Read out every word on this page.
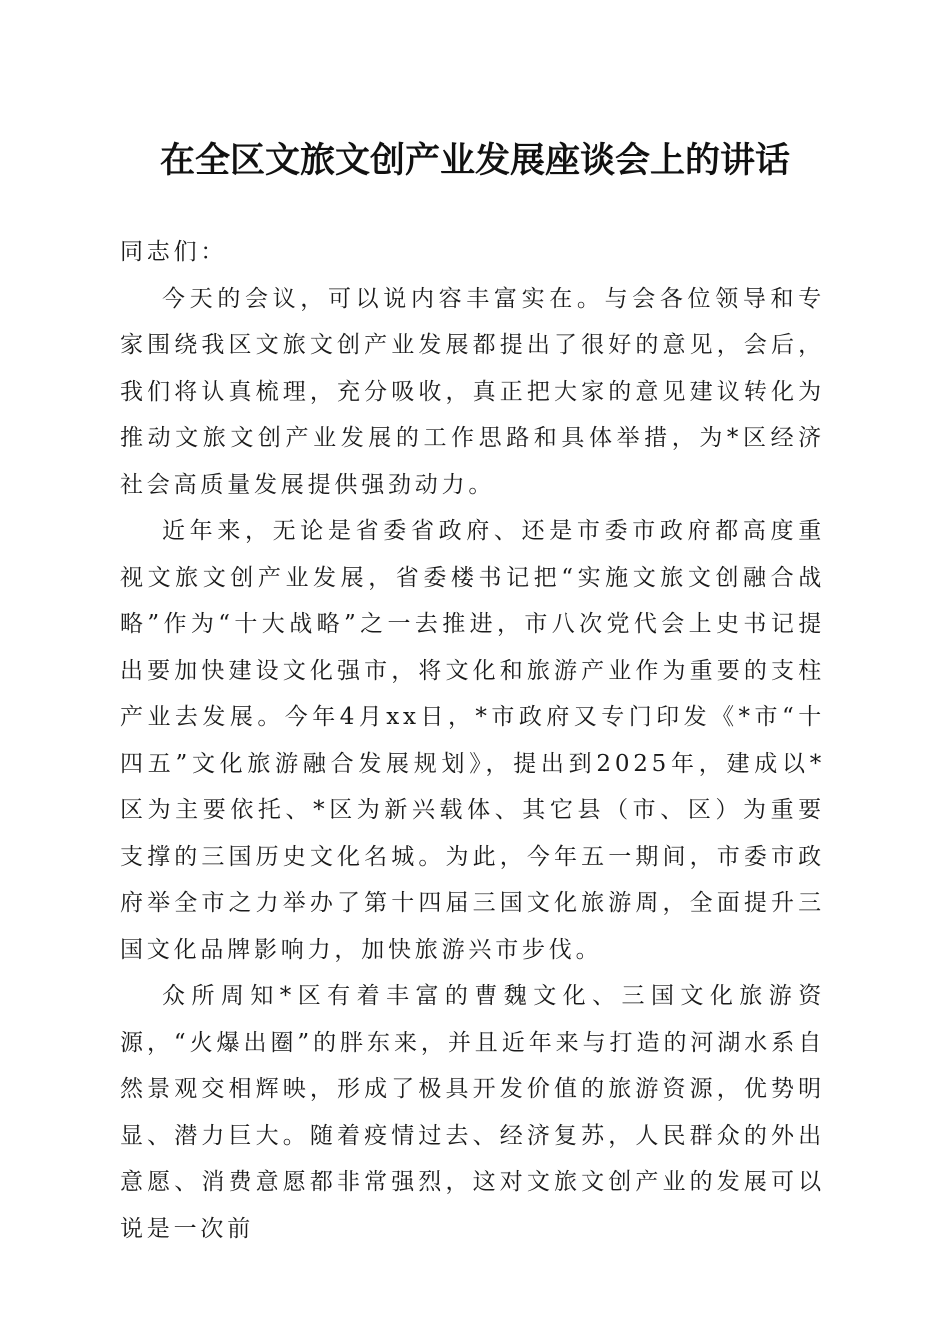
在全区文旅文创产业发展座谈会上的讲话

同志们：

今天的会议，可以说内容丰富实在。与会各位领导和专家围绕我区文旅文创产业发展都提出了很好的意见，会后，我们将认真梳理，充分吸收，真正把大家的意见建议转化为推动文旅文创产业发展的工作思路和具体举措，为*区经济社会高质量发展提供强劲动力。

近年来，无论是省委省政府、还是市委市政府都高度重视文旅文创产业发展，省委楼书记把“实施文旅文创融合战略”作为“十大战略”之一去推进，市八次党代会上史书记提出要加快建设文化强市，将文化和旅游产业作为重要的支柱产业去发展。今年4月xx日，*市政府又专门印发《*市“十四五”文化旅游融合发展规划》，提出到2025年，建成以*区为主要依托、*区为新兴载体、其它县（市、区）为重要支撑的三国历史文化名城。为此，今年五一期间，市委市政府举全市之力举办了第十四届三国文化旅游周，全面提升三国文化品牌影响力，加快旅游兴市步伐。

众所周知*区有着丰富的曹魏文化、三国文化旅游资源，“火爆出圈”的胖东来，并且近年来与打造的河湖水系自然景观交相辉映，形成了极具开发价值的旅游资源，优势明显、潜力巨大。随着疫情过去、经济复苏，人民群众的外出意愿、消费意愿都非常强烈，这对文旅文创产业的发展可以说是一次前
